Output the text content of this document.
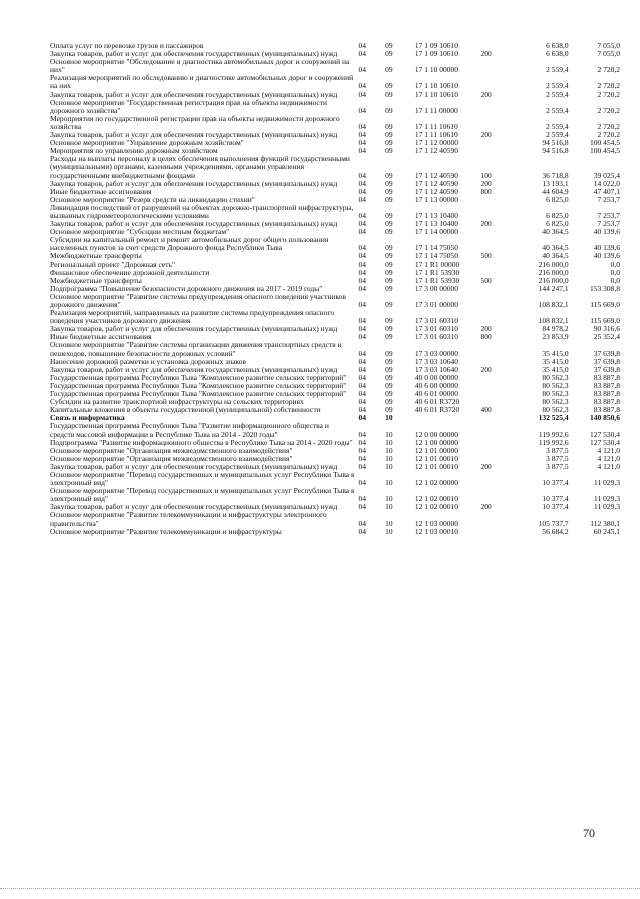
Оплата услуг по перевозке грузов и пассажиров	04	09	17 1 09 10610		6 638,0	7 055,0
Закупка товаров, работ и услуг для обеспечения государственных (муниципальных) нужд	04	09	17 1 09 10610	200	6 638,0	7 055,0
Основное мероприятие "Обследование и диагностика автомобильных дорог и сооружений на них"	04	09	17 1 10 00000		2 559,4	2 720,2
Реализация мероприятий по обследованию и диагностике автомобильных дорог и сооружений на них	04	09	17 1 10 10610		2 559,4	2 720,2
Закупка товаров, работ и услуг для обеспечения государственных (муниципальных) нужд	04	09	17 1 10 10610	200	2 559,4	2 720,2
Основное мероприятие "Государственная регистрация прав на объекты недвижимости дорожного хозяйства"	04	09	17 1 11 00000		2 559,4	2 720,2
Мероприятия по государственной регистрации прав на объекты недвижимости дорожного хозяйства	04	09	17 1 11 10610		2 559,4	2 720,2
Закупка товаров, работ и услуг для обеспечения государственных (муниципальных) нужд	04	09	17 1 11 10610	200	2 559,4	2 720,2
Основное мероприятие "Управление дорожным хозяйством"	04	09	17 1 12 00000		94 516,8	100 454,5
Мероприятия по управлению дорожным хозяйством	04	09	17 1 12 40590		94 516,8	100 454,5
Расходы на выплаты персоналу в целях обеспечения выполнения функций государственными (муниципальными) органами, казенными учреждениями, органами управления государственными внебюджетными фондами	04	09	17 1 12 40590	100	36 718,8	39 025,4
Закупка товаров, работ и услуг для обеспечения государственных (муниципальных) нужд	04	09	17 1 12 40590	200	13 193,1	14 022,0
Иные бюджетные ассигнования	04	09	17 1 12 40590	800	44 604,9	47 407,1
Основное мероприятие "Резерв средств на ликвидацию стихии"	04	09	17 1 13 00000		6 825,0	7 253,7
Ликвидация последствий от разрушений на объектах дорожно-транспортной инфраструктуры, вызванных гидрометеорологическими условиями	04	09	17 1 13 10400		6 825,0	7 253,7
Закупка товаров, работ и услуг для обеспечения государственных (муниципальных) нужд	04	09	17 1 13 10400	200	6 825,0	7 253,7
Основное мероприятие "Субсидии местным бюджетам"	04	09	17 1 14 00000		40 364,5	40 139,6
Субсидии на капитальный ремонт и ремонт автомобильных дорог общего пользования населенных пунктов за счет средств Дорожного фонда Республики Тыва	04	09	17 1 14 75050		40 364,5	40 139,6
Межбюджетные трансферты	04	09	17 1 14 75050	500	40 364,5	40 139,6
Региональный проект "Дорожная сеть"	04	09	17 1 R1 00000		216 000,0	0,0
Финансовое обеспечение дорожной деятельности	04	09	17 1 R1 53930		216 000,0	0,0
Межбюджетные трансферты	04	09	17 1 R1 53930	500	216 000,0	0,0
Подпрограмма "Повышение безопасности дорожного движения на 2017 - 2019 годы"	04	09	17 3 00 00000		144 247,1	153 308,8
Основное мероприятие "Развитие системы предупреждения опасного поведения участников дорожного движения"	04	09	17 3 01 00000		108 832,1	115 669,0
Реализация мероприятий, направленных на развитие системы предупреждения опасного поведения участников дорожного движения	04	09	17 3 01 60310		108 832,1	115 669,0
Закупка товаров, работ и услуг для обеспечения государственных (муниципальных) нужд	04	09	17 3 01 60310	200	84 978,2	90 316,6
Иные бюджетные ассигнования	04	09	17 3 01 60310	800	23 853,9	25 352,4
Основное мероприятие "Развитие системы организации движения транспортных средств и пешеходов, повышение безопасности дорожных условий"	04	09	17 3 03 00000		35 415,0	37 639,8
Нанесение дорожной разметки и установка дорожных знаков	04	09	17 3 03 10640		35 415,0	37 639,8
Закупка товаров, работ и услуг для обеспечения государственных (муниципальных) нужд	04	09	17 3 03 10640	200	35 415,0	37 639,8
Государственная программа Республики Тыва "Комплексное развитие сельских территорий"	04	09	40 0 00 00000		80 562,3	83 887,8
Государственная программа Республики Тыва "Комплексное развитие сельских территорий"	04	09	40 6 00 00000		80 562,3	83 887,8
Государственная программа Республики Тыва "Комплексное развитие сельских территорий"	04	09	40 6 01 00000		80 562,3	83 887,8
Субсидии на развитие транспортной инфраструктуры на сельских территориях	04	09	40 6 01 R3720		80 562,3	83 887,8
Капитальные вложения в объекты государственной (муниципальной) собственности	04	09	40 6 01 R3720	400	80 562,3	83 887,8
Связь и информатика	04	10			132 525,4	140 850,6
Государственная программа Республики Тыва "Развитие информационного общества и средств массовой информации в Республике Тыва на 2014 - 2020 годы"	04	10	12 0 00 00000		119 992,6	127 530,4
Подпрограмма "Развитие информационного общества в Республике Тыва на 2014 - 2020 годы"	04	10	12 1 00 00000		119 992,6	127 530,4
Основное мероприятие "Организация межведомственного взаимодействия"	04	10	12 1 01 00000		3 877,5	4 121,0
Основное мероприятие "Организация межведомственного взаимодействия"	04	10	12 1 01 00010		3 877,5	4 121,0
Закупка товаров, работ и услуг для обеспечения государственных (муниципальных) нужд	04	10	12 1 01 00010	200	3 877,5	4 121,0
Основное мероприятие "Перевод государственных и муниципальных услуг Республики Тыва в электронный вид"	04	10	12 1 02 00000		10 377,4	11 029,3
Основное мероприятие "Перевод государственных и муниципальных услуг Республики Тыва в электронный вид"	04	10	12 1 02 00010		10 377,4	11 029,3
Закупка товаров, работ и услуг для обеспечения государственных (муниципальных) нужд	04	10	12 1 02 00010	200	10 377,4	11 029,3
Основное мероприятие "Развитие телекоммуникации и инфраструктуры электронного правительства"	04	10	12 1 03 00000		105 737,7	112 380,1
Основное мероприятие "Развитие телекоммуникации и инфраструктуры	04	10	12 1 03 00010		56 684,2	60 245,1
70
